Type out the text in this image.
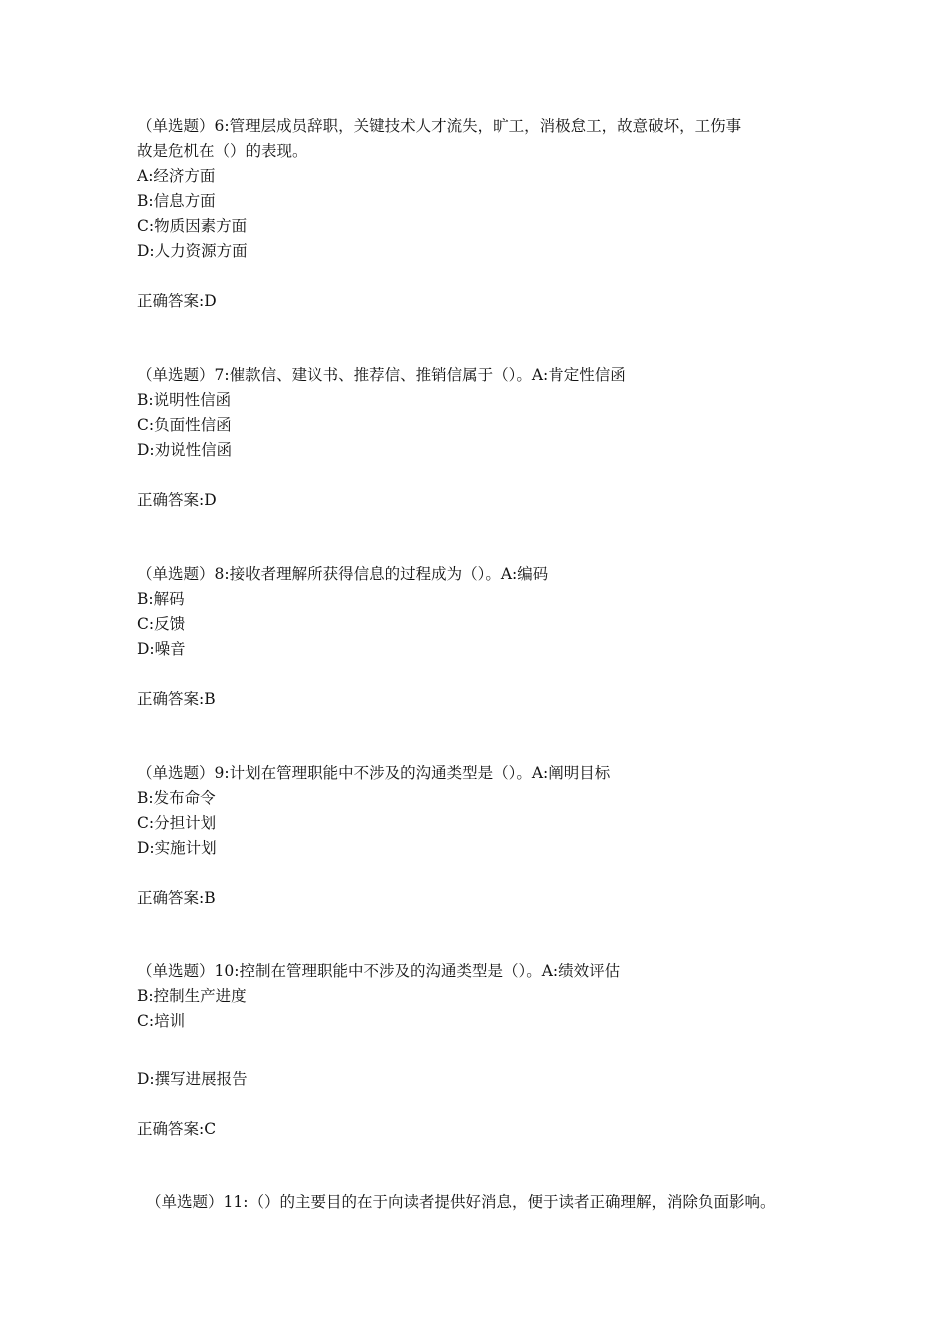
（单选题）6:管理层成员辞职，关键技术人才流失，旷工，消极怠工，故意破坏，工伤事
故是危机在（）的表现。
A:经济方面
B:信息方面
C:物质因素方面
D:人力资源方面
正确答案:D
（单选题）7:催款信、建议书、推荐信、推销信属于（）。A:肯定性信函
B:说明性信函
C:负面性信函
D:劝说性信函
正确答案:D
（单选题）8:接收者理解所获得信息的过程成为（）。A:编码
B:解码
C:反馈
D:噪音
正确答案:B
（单选题）9:计划在管理职能中不涉及的沟通类型是（）。A:阐明目标
B:发布命令
C:分担计划
D:实施计划
正确答案:B
（单选题）10:控制在管理职能中不涉及的沟通类型是（）。A:绩效评估
B:控制生产进度
C:培训
D:撰写进展报告
正确答案:C
（单选题）11:（）的主要目的在于向读者提供好消息，便于读者正确理解，消除负面影响。
